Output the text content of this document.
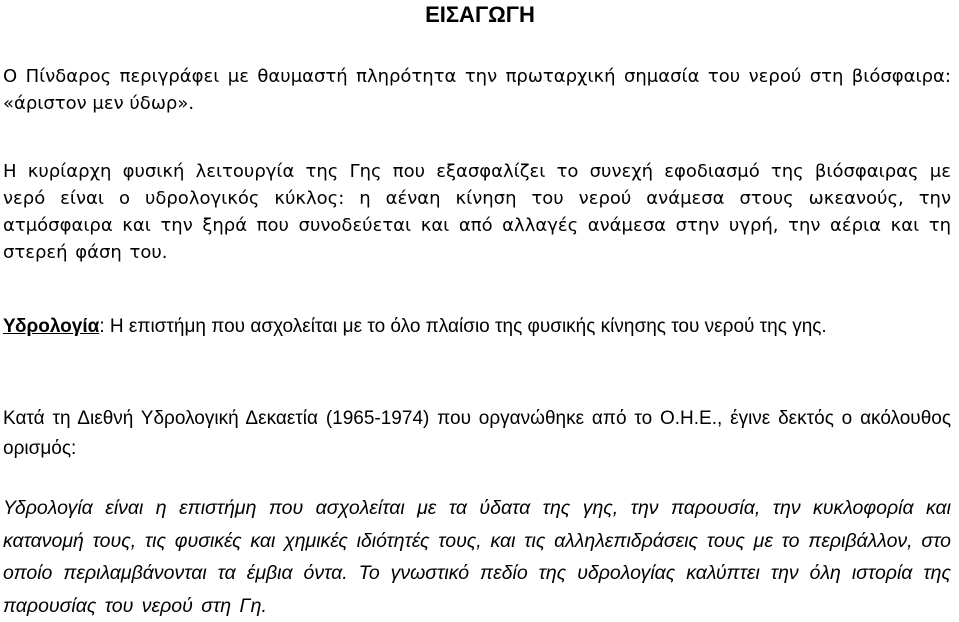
ΕΙΣΑΓΩΓΗ

Ο Πίνδαρος περιγράφει με θαυμαστή πληρότητα την πρωταρχική σημασία του νερού στη βιόσφαιρα: «άριστον μεν ύδωρ».

Η κυρίαρχη φυσική λειτουργία της Γης που εξασφαλίζει το συνεχή εφοδιασμό της βιόσφαιρας με νερό είναι ο υδρολογικός κύκλος: η αέναη κίνηση του νερού ανάμεσα στους ωκεανούς, την ατμόσφαιρα και την ξηρά που συνοδεύεται και από αλλαγές ανάμεσα στην υγρή, την αέρια και τη στερεή φάση του.

Υδρολογία: Η επιστήμη που ασχολείται με το όλο πλαίσιο της φυσικής κίνησης του νερού της γης.

Κατά τη Διεθνή Υδρολογική Δεκαετία (1965-1974) που οργανώθηκε από το Ο.Η.Ε., έγινε δεκτός ο ακόλουθος ορισμός:

Υδρολογία είναι η επιστήμη που ασχολείται με τα ύδατα της γης, την παρουσία, την κυκλοφορία και κατανομή τους, τις φυσικές και χημικές ιδιότητές τους, και τις αλληλεπιδράσεις τους με το περιβάλλον, στο οποίο περιλαμβάνονται τα έμβια όντα. Το γνωστικό πεδίο της υδρολογίας καλύπτει την όλη ιστορία της παρουσίας του νερού στη Γη.
